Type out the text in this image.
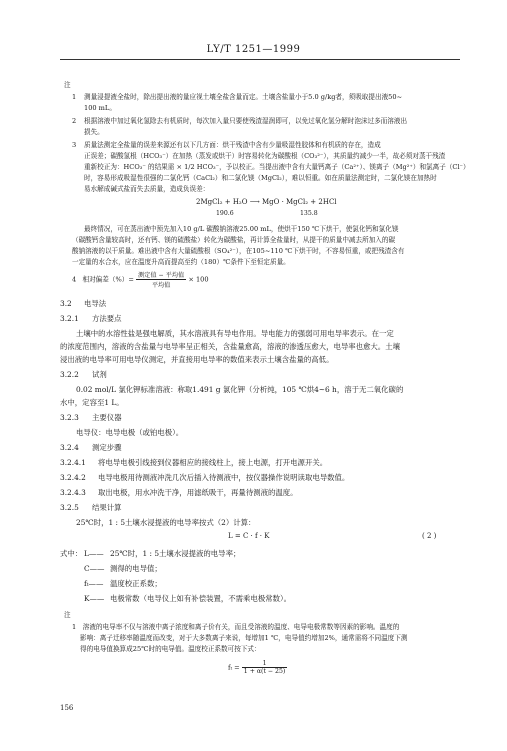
LY/T 1251—1999
注
1 测量浸提液全盐时，除出提出液的量应视土壤全盐含量而定。土壤含盐量小于5.0 g/kg者，须吸取提出液50~
100 mL。
2 根据溶液中加过氧化氢除去有机质时，每次加入量只要使残渣湿润即可，以免过氧化氢分解时泡沫过多而溶液出
损失。
3 质量法测定全盐量的误差来源还有以下几方面：烘干残渣中含有少量吸湿性胶体和有机质的存在，造成
正误差；碳酸氢根（HCO₃⁻）在加热（蒸发或烘干）时容易转化为碳酸根（CO₃²⁻），其质量约减少一半，故必须对蒸干残渣
重新校正为：HCO₃⁻ 的结果需 × 1/2 HCO₃⁻，予以校正。当提出液中含有大量钙离子（Ca²⁺）、镁离子（Mg²⁺）和氯离子（Cl⁻）
时，容易形成吸湿性很强的二氯化钙（CaCl₂）和二氯化镁（MgCl₂），难以恒重。如在质量法测定时，二氯化镁在加热时
易水解成碱式盐而失去质量，造成负误差：
2MgCl₂ + H₂O ⟶ MgO · MgCl₂ + 2HCl
190.6	135.8
最终情况，可在蒸出液中预先加入10 g/L 碳酸钠溶液25.00 mL，使烘干150 ℃下烘干，使氯化钙和氯化镁
（碳酸钙含量较高时，还有钙、镁的硫酸盐）转化为碳酸盐，再计算全盐量时，从提干的质量中减去所加入的碳
酸钠溶液的以干质量。难出液中含有大量硫酸根（SO₄²⁻），在105~110 ℃下烘干时，不容易恒重，或把残渣含有
一定量的水合水，应在温度升高而提高至约（180）℃条件下至恒定质量。
4 相对偏差（%）= $\frac{\text{测定值 − 平均值}}{\text{平均值}} \times 100$
3.2 电导法
3.2.1 方法要点
土壤中的水溶性盐是强电解质，其水溶液具有导电作用。导电能力的强弱可用电导率表示。在一定
的浓度范围内，溶液的含盐量与电导率呈正相关，含盐量愈高，溶液的渗透压愈大，电导率也愈大。土壤
浸出液的电导率可用电导仪测定，并直接用电导率的数值来表示土壤含盐量的高低。
3.2.2 试剂
0.02 mol/L 氯化钾标准溶液：称取1.491 g 氯化钾（分析纯，105 ℃烘4~6 h，溶于无二氧化碳的
水中，定容至1 L。
3.2.3 主要仪器
电导仪：电导电极（或铂电极）。
3.2.4 测定步骤
3.2.4.1 将电导电极引线接到仪器相应的接线柱上，接上电源，打开电源开关。
3.2.4.2 电导电极用待测液冲洗几次后插入待测液中，按仪器操作说明读取电导数值。
3.2.4.3 取出电极，用水冲洗干净，用滤纸吸干，再量待测液的温度。
3.2.5 结果计算
25℃时，1 : 5土壤水浸提液的电导率按式（2）计算：
L = C · f · K	( 2 )
式中： L—— 25℃时，1 : 5土壤水浸提液的电导率；
C—— 测得的电导值；
fₜ—— 温度校正系数；
K—— 电极常数（电导仪上如有补偿装置，不需乘电极常数）。
注
1　溶液的电导率不仅与溶液中离子浓度和离子价有关，而且受溶液的温度、电导电极常数等因素的影响。温度的
影响：离子迁移率随温度而改变，对于大多数离子来说，每增加1 ℃，电导值约增加2%，通常需将不同温度下测
得的电导值换算成25℃时的电导值。温度校正系数可按下式：
$f_t = \frac{1}{1 + \alpha(t - 25)}$
156
